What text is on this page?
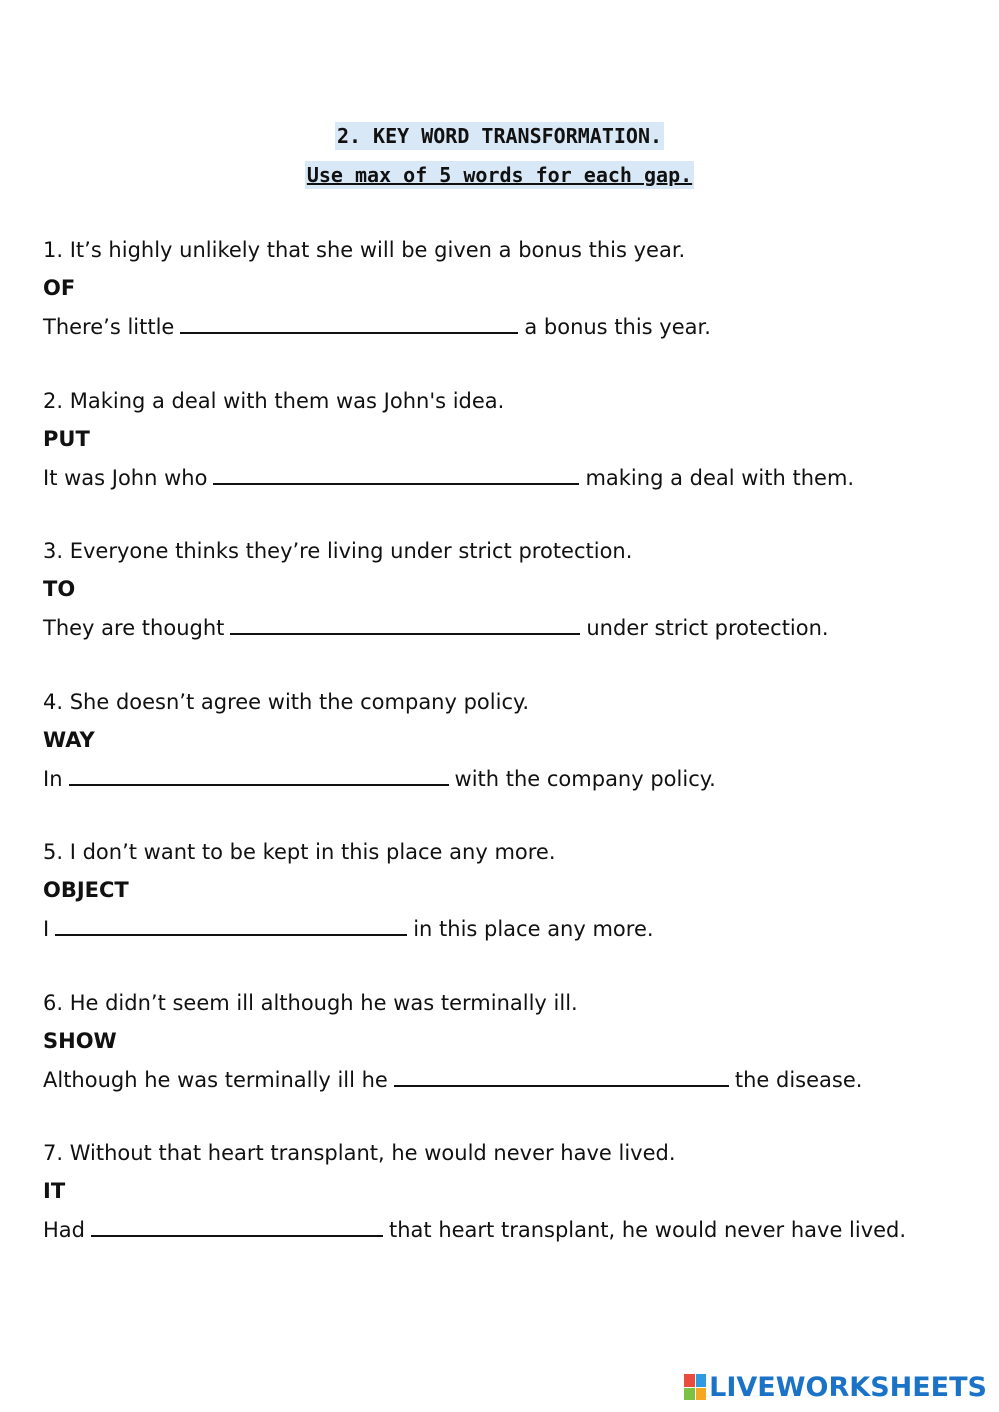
2. KEY WORD TRANSFORMATION.
Use max of 5 words for each gap.
1. It’s highly unlikely that she will be given a bonus this year.
OF
There’s little	a bonus this year.
2. Making a deal with them was John's idea.
PUT
It was John who	making a deal with them.
3. Everyone thinks they’re living under strict protection.
TO
They are thought	under strict protection.
4. She doesn’t agree with the company policy.
WAY
In	with the company policy.
5. I don’t want to be kept in this place any more.
OBJECT
I	in this place any more.
6. He didn’t seem ill although he was terminally ill.
SHOW
Although he was terminally ill he	the disease.
7. Without that heart transplant, he would never have lived.
IT
Had	that heart transplant, he would never have lived.
LIVEWORKSHEETS
